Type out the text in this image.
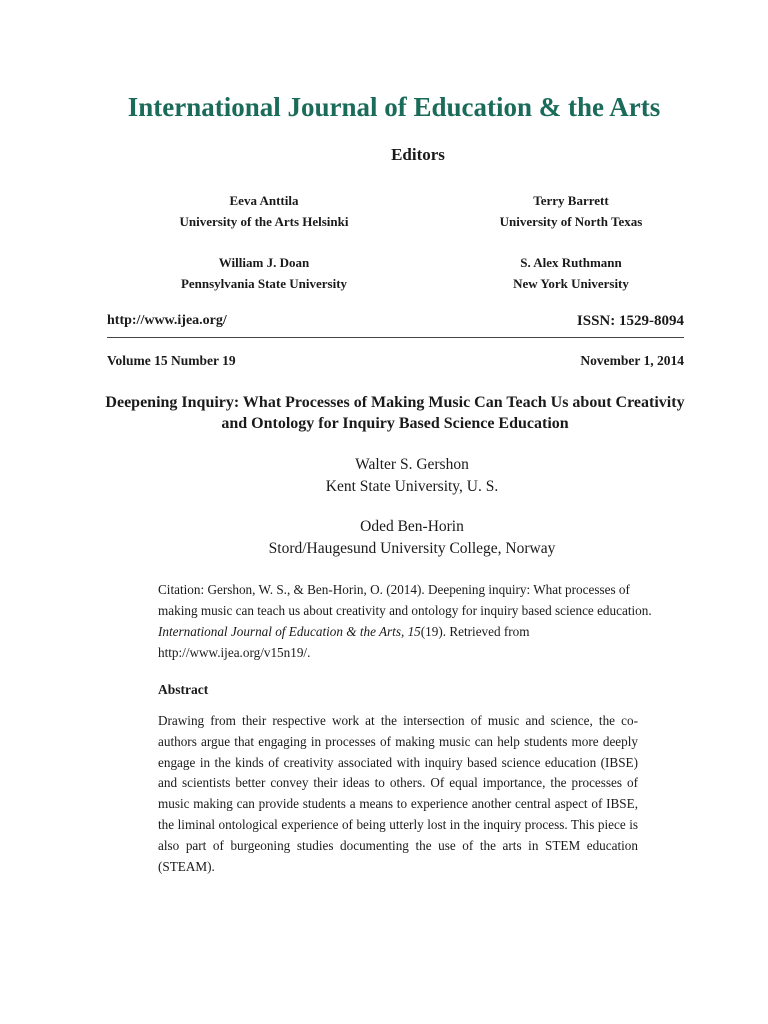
International Journal of Education & the Arts
Editors
Eeva Anttila
University of the Arts Helsinki
Terry Barrett
University of North Texas
William J. Doan
Pennsylvania State University
S. Alex Ruthmann
New York University
http://www.ijea.org/	ISSN: 1529-8094
Volume 15 Number 19	November 1, 2014
Deepening Inquiry: What Processes of Making Music Can Teach Us about Creativity and Ontology for Inquiry Based Science Education
Walter S. Gershon
Kent State University, U. S.
Oded Ben-Horin
Stord/Haugesund University College, Norway

Citation: Gershon, W. S., & Ben-Horin, O. (2014). Deepening inquiry: What processes of making music can teach us about creativity and ontology for inquiry based science education. International Journal of Education & the Arts, 15(19). Retrieved from http://www.ijea.org/v15n19/.

Abstract

Drawing from their respective work at the intersection of music and science, the co-authors argue that engaging in processes of making music can help students more deeply engage in the kinds of creativity associated with inquiry based science education (IBSE) and scientists better convey their ideas to others. Of equal importance, the processes of music making can provide students a means to experience another central aspect of IBSE, the liminal ontological experience of being utterly lost in the inquiry process. This piece is also part of burgeoning studies documenting the use of the arts in STEM education (STEAM).
